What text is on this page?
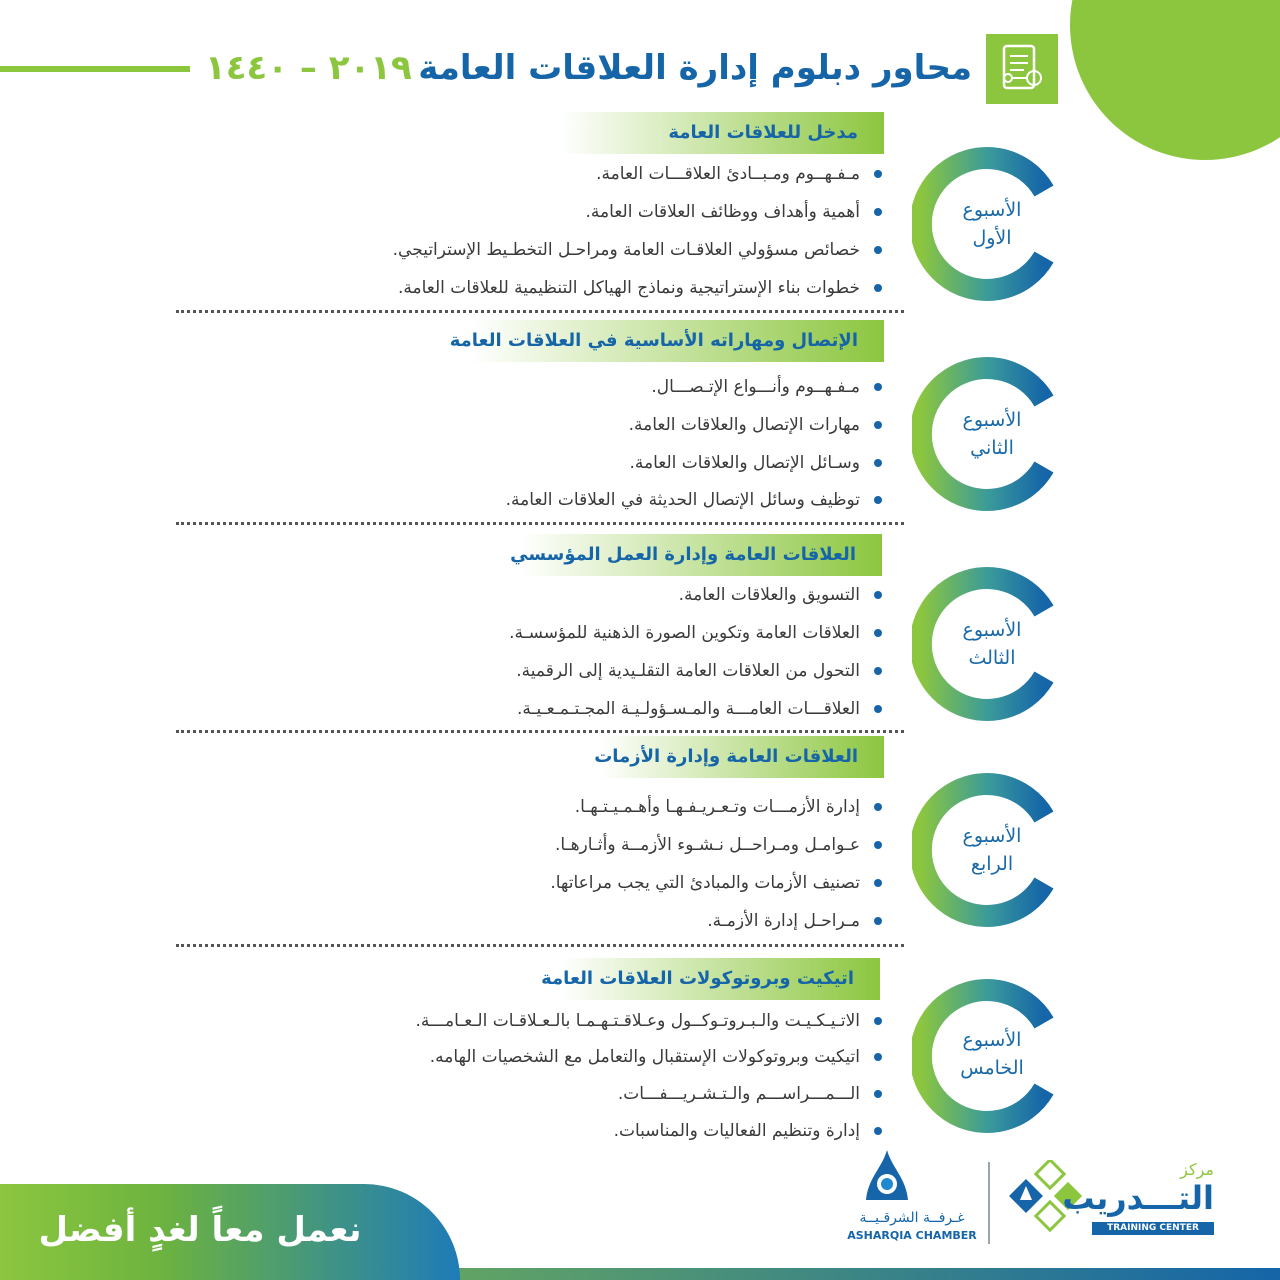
٢٠١٩ – ١٤٤٠ محاور دبلوم إدارة العلاقات العامة
الأسبوع
الأول
مدخل للعلاقات العامة
مـفـهــوم ومـبــادئ العلاقـــات العامة.
أهمية وأهداف ووظائف العلاقات العامة.
خصائص مسؤولي العلاقـات العامة ومراحـل التخطـيط الإستراتيجي.
خطوات بناء الإستراتيجية ونماذج الهياكل التنظيمية للعلاقات العامة.
الأسبوع
الثاني
الإتصال ومهاراته الأساسية في العلاقات العامة
مـفـهــوم وأنـــواع الإتـصـــال.
مهارات الإتصال والعلاقات العامة.
وسـائل الإتصال والعلاقات العامة.
توظيف وسائل الإتصال الحديثة في العلاقات العامة.
الأسبوع
الثالث
العلاقات العامة وإدارة العمل المؤسسي
التسويق والعلاقات العامة.
العلاقات العامة وتكوين الصورة الذهنية للمؤسسـة.
التحول من العلاقات العامة التقلـيدية إلى الرقمية.
العلاقـــات العامـــة والمـسـؤولـيـة المجـتـمـعـيـة.
الأسبوع
الرابع
العلاقات العامة وإدارة الأزمات
إدارة الأزمـــات وتـعـريـفـهـا وأهـمـيـتـهـا.
عـوامـل ومـراحــل نـشـوء الأزمــة وأثـارهـا.
تصنيف الأزمات والمبادئ التي يجب مراعاتها.
مـراحـل إدارة الأزمـة.
الأسبوع
الخامس
اتيكيت وبروتوكولات العلاقات العامة
الاتـيـكـيـت والـبـروتـوكــول وعـلاقـتـهـمـا بالـعـلاقـات الـعـامـــة.
اتيكيت وبروتوكولات الإستقبال والتعامل مع الشخصيات الهامه.
الـــمـــراســـم والـتـشـريـــفـــات.
إدارة وتنظيم الفعاليات والمناسبات.
نعمل معاً لغدٍ أفضل	غـرفــة الشرقـيــة
ASHARQIA CHAMBER
مركز
التـــدريب
TRAINING CENTER
